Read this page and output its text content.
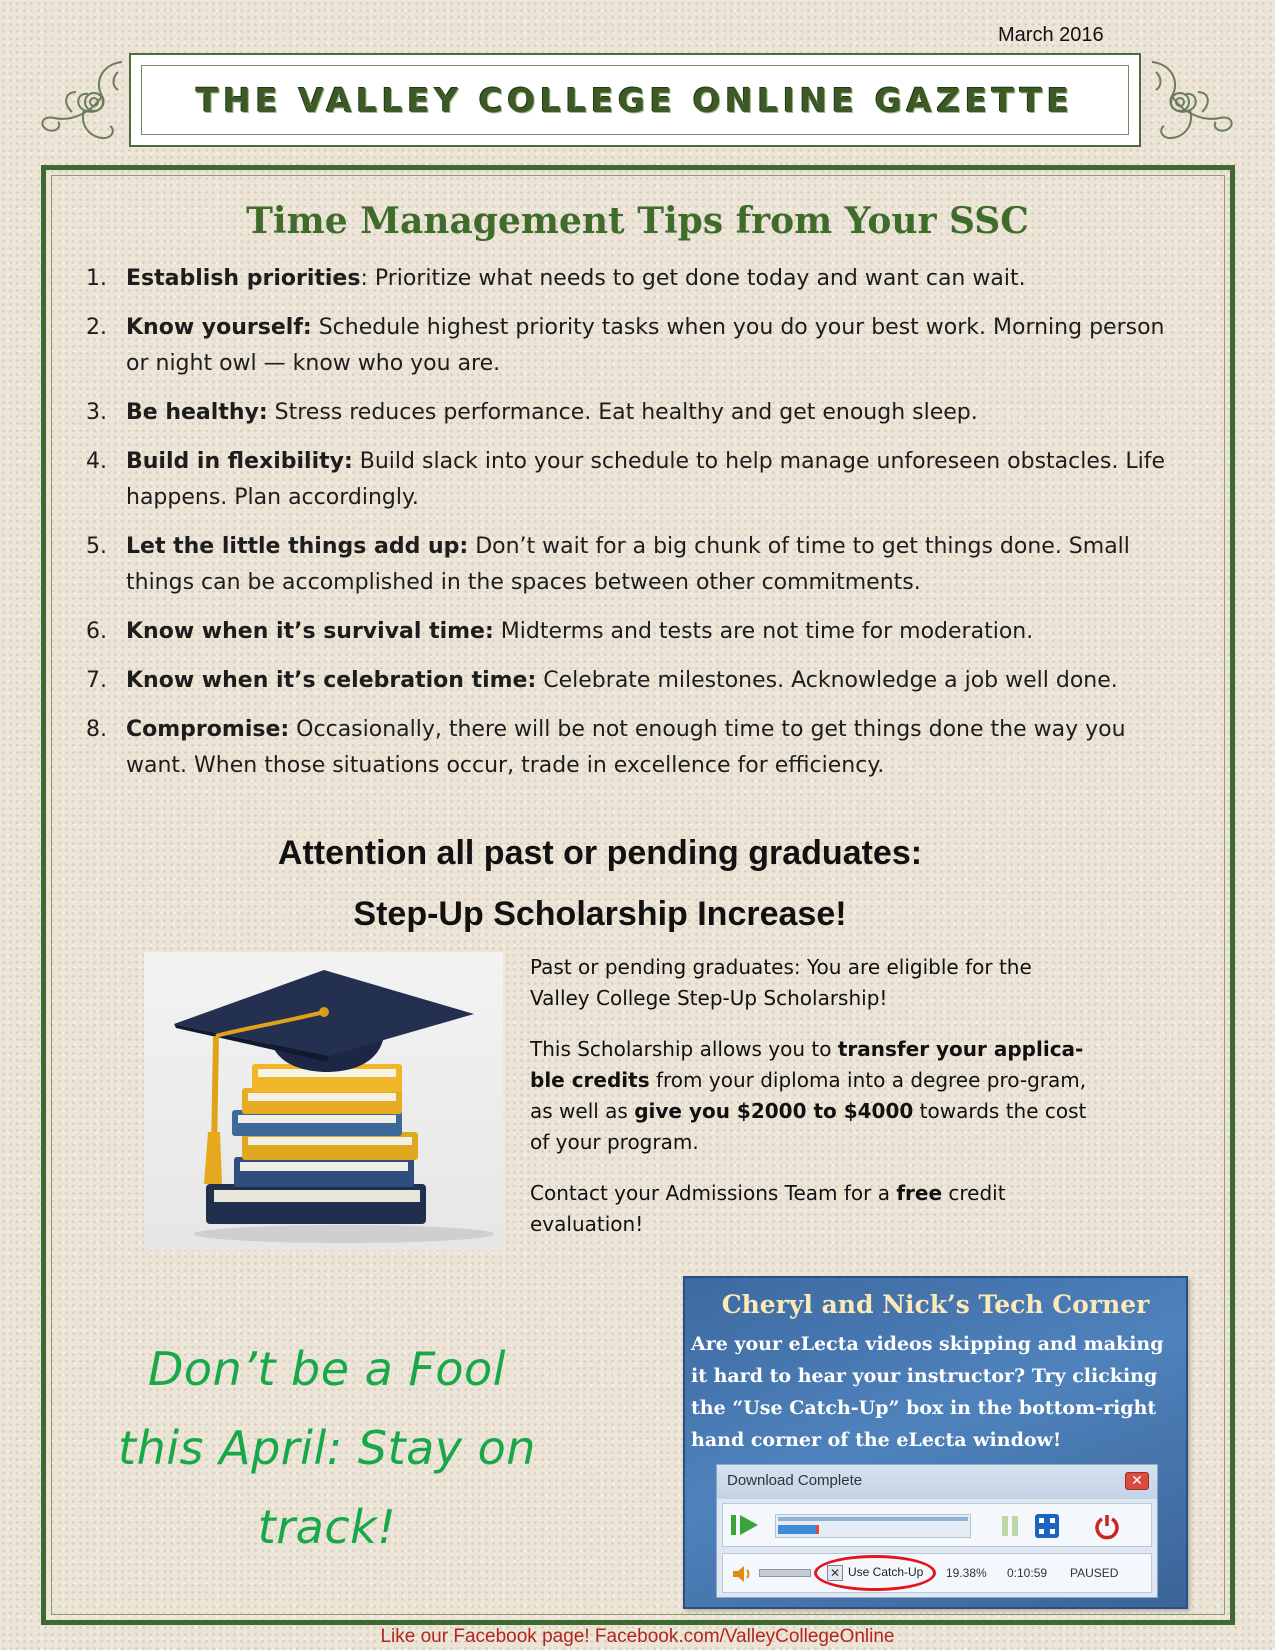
March 2016
THE VALLEY COLLEGE ONLINE GAZETTE
Time Management Tips from Your SSC
1. Establish priorities: Prioritize what needs to get done today and want can wait.
2. Know yourself: Schedule highest priority tasks when you do your best work. Morning person or night owl — know who you are.
3. Be healthy: Stress reduces performance. Eat healthy and get enough sleep.
4. Build in flexibility: Build slack into your schedule to help manage unforeseen obstacles. Life happens. Plan accordingly.
5. Let the little things add up: Don’t wait for a big chunk of time to get things done. Small things can be accomplished in the spaces between other commitments.
6. Know when it’s survival time: Midterms and tests are not time for moderation.
7. Know when it’s celebration time: Celebrate milestones. Acknowledge a job well done.
8. Compromise: Occasionally, there will be not enough time to get things done the way you want. When those situations occur, trade in excellence for efficiency.
Attention all past or pending graduates:
Step-Up Scholarship Increase!

Past or pending graduates: You are eligible for the Valley College Step-Up Scholarship!

This Scholarship allows you to transfer your applica-ble credits from your diploma into a degree pro-gram, as well as give you $2000 to $4000 towards the cost of your program.

Contact your Admissions Team for a free credit evaluation!

Don’t be a Fool
this April: Stay on
track!
Cheryl and Nick’s Tech Corner
Are your eLecta videos skipping and making it hard to hear your instructor? Try clicking the “Use Catch-Up” box in the bottom-right hand corner of the eLecta window!
Download Complete	✕
✕ Use Catch-Up 19.38% 0:10:59 PAUSED
Like our Facebook page! Facebook.com/ValleyCollegeOnline
